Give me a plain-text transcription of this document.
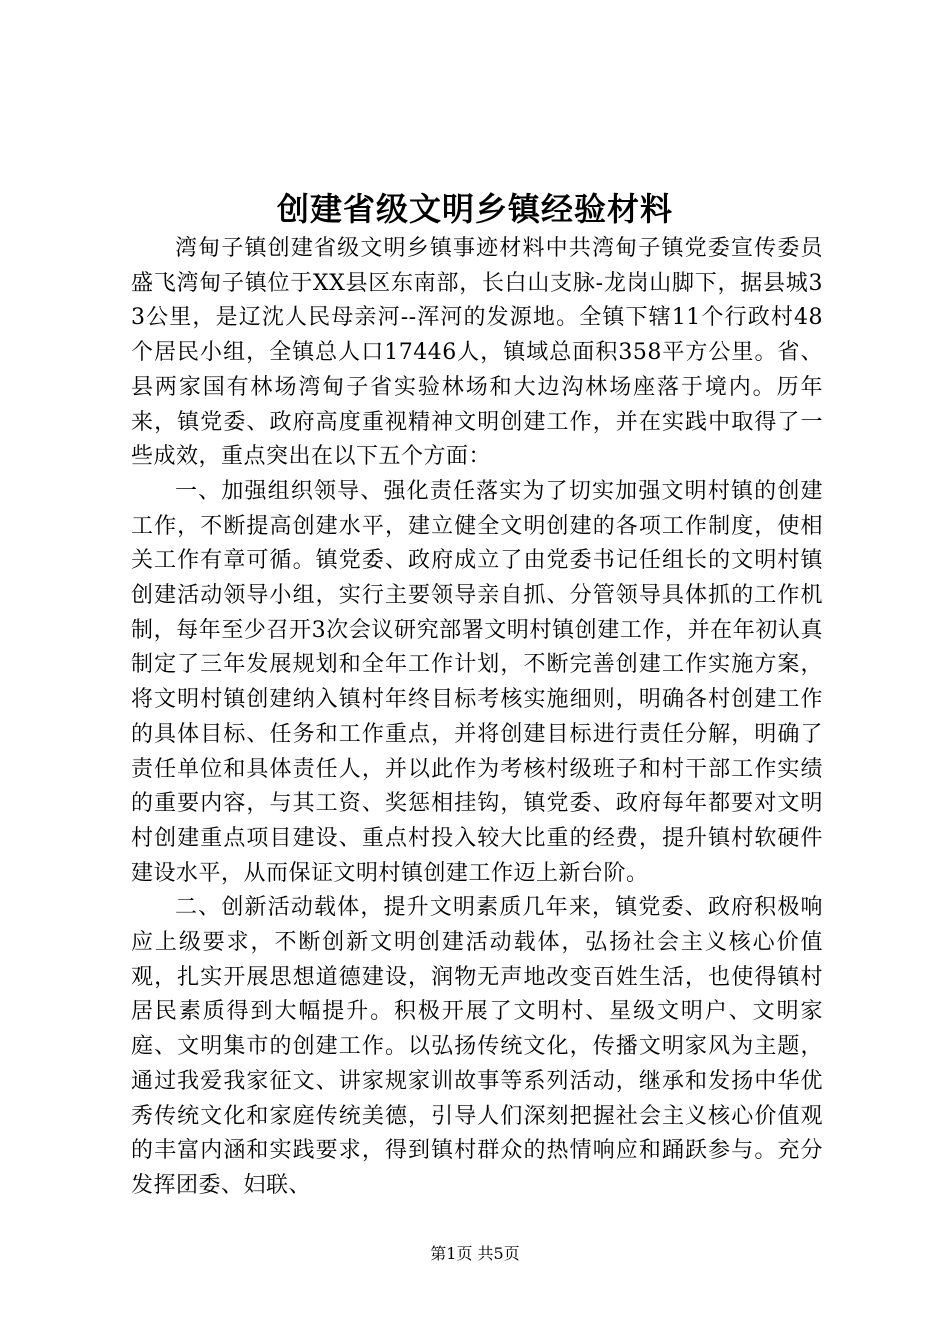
创建省级文明乡镇经验材料

湾甸子镇创建省级文明乡镇事迹材料中共湾甸子镇党委宣传委员盛飞湾甸子镇位于XX县区东南部，长白山支脉-龙岗山脚下，据县城33公里，是辽沈人民母亲河--浑河的发源地。全镇下辖11个行政村48个居民小组，全镇总人口17446人，镇域总面积358平方公里。省、县两家国有林场湾甸子省实验林场和大边沟林场座落于境内。历年来，镇党委、政府高度重视精神文明创建工作，并在实践中取得了一些成效，重点突出在以下五个方面：

一、加强组织领导、强化责任落实为了切实加强文明村镇的创建工作，不断提高创建水平，建立健全文明创建的各项工作制度，使相关工作有章可循。镇党委、政府成立了由党委书记任组长的文明村镇创建活动领导小组，实行主要领导亲自抓、分管领导具体抓的工作机制，每年至少召开3次会议研究部署文明村镇创建工作，并在年初认真制定了三年发展规划和全年工作计划，不断完善创建工作实施方案，将文明村镇创建纳入镇村年终目标考核实施细则，明确各村创建工作的具体目标、任务和工作重点，并将创建目标进行责任分解，明确了责任单位和具体责任人，并以此作为考核村级班子和村干部工作实绩的重要内容，与其工资、奖惩相挂钩，镇党委、政府每年都要对文明村创建重点项目建设、重点村投入较大比重的经费，提升镇村软硬件建设水平，从而保证文明村镇创建工作迈上新台阶。

二、创新活动载体，提升文明素质几年来，镇党委、政府积极响应上级要求，不断创新文明创建活动载体，弘扬社会主义核心价值观，扎实开展思想道德建设，润物无声地改变百姓生活，也使得镇村居民素质得到大幅提升。积极开展了文明村、星级文明户、文明家庭、文明集市的创建工作。以弘扬传统文化，传播文明家风为主题，通过我爱我家征文、讲家规家训故事等系列活动，继承和发扬中华优秀传统文化和家庭传统美德，引导人们深刻把握社会主义核心价值观的丰富内涵和实践要求，得到镇村群众的热情响应和踊跃参与。充分发挥团委、妇联、

第1页 共5页
